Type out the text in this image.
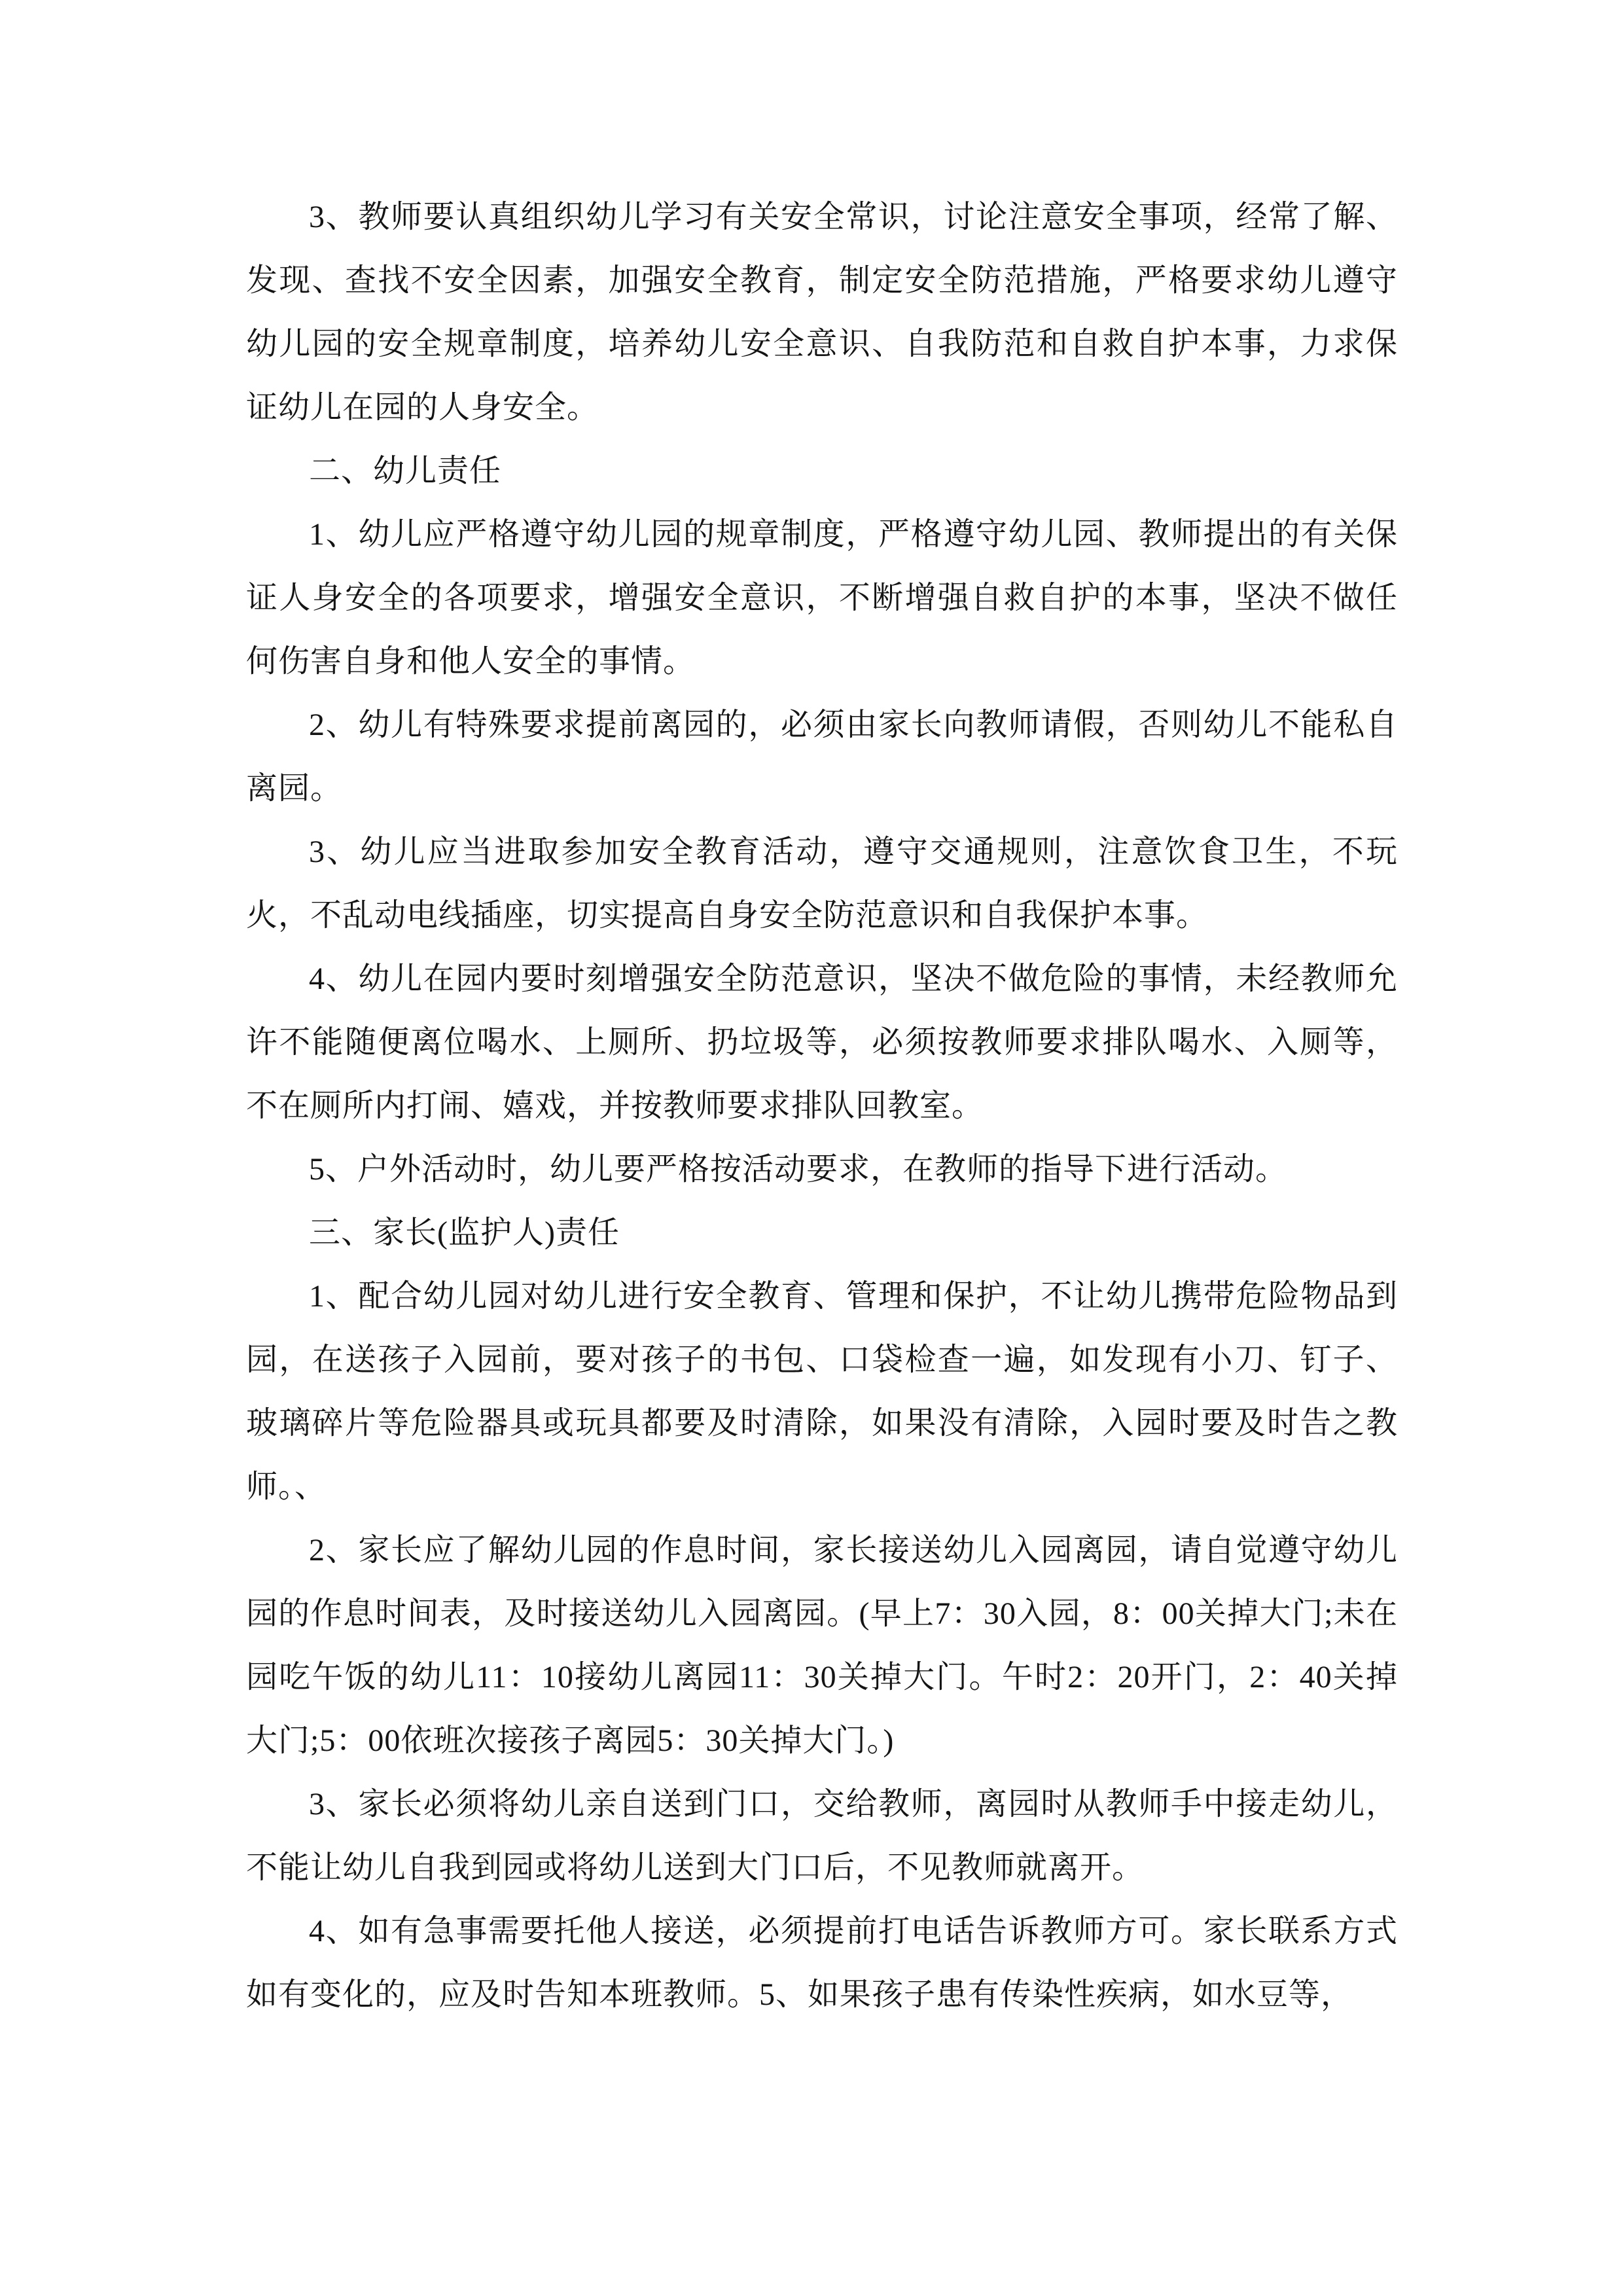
3、教师要认真组织幼儿学习有关安全常识，讨论注意安全事项，经常了解、发现、查找不安全因素，加强安全教育，制定安全防范措施，严格要求幼儿遵守幼儿园的安全规章制度，培养幼儿安全意识、自我防范和自救自护本事，力求保证幼儿在园的人身安全。

二、幼儿责任

1、幼儿应严格遵守幼儿园的规章制度，严格遵守幼儿园、教师提出的有关保证人身安全的各项要求，增强安全意识，不断增强自救自护的本事，坚决不做任何伤害自身和他人安全的事情。

2、幼儿有特殊要求提前离园的，必须由家长向教师请假，否则幼儿不能私自离园。

3、幼儿应当进取参加安全教育活动，遵守交通规则，注意饮食卫生，不玩火，不乱动电线插座，切实提高自身安全防范意识和自我保护本事。

4、幼儿在园内要时刻增强安全防范意识，坚决不做危险的事情，未经教师允许不能随便离位喝水、上厕所、扔垃圾等，必须按教师要求排队喝水、入厕等，不在厕所内打闹、嬉戏，并按教师要求排队回教室。

5、户外活动时，幼儿要严格按活动要求，在教师的指导下进行活动。

三、家长(监护人)责任

1、配合幼儿园对幼儿进行安全教育、管理和保护，不让幼儿携带危险物品到园，在送孩子入园前，要对孩子的书包、口袋检查一遍，如发现有小刀、钉子、玻璃碎片等危险器具或玩具都要及时清除，如果没有清除，入园时要及时告之教师。、

2、家长应了解幼儿园的作息时间，家长接送幼儿入园离园，请自觉遵守幼儿园的作息时间表，及时接送幼儿入园离园。(早上7：30入园，8：00关掉大门;未在园吃午饭的幼儿11：10接幼儿离园11：30关掉大门。午时2：20开门，2：40关掉大门;5：00依班次接孩子离园5：30关掉大门。)

3、家长必须将幼儿亲自送到门口，交给教师，离园时从教师手中接走幼儿，不能让幼儿自我到园或将幼儿送到大门口后，不见教师就离开。

4、如有急事需要托他人接送，必须提前打电话告诉教师方可。家长联系方式如有变化的，应及时告知本班教师。5、如果孩子患有传染性疾病，如水豆等，
